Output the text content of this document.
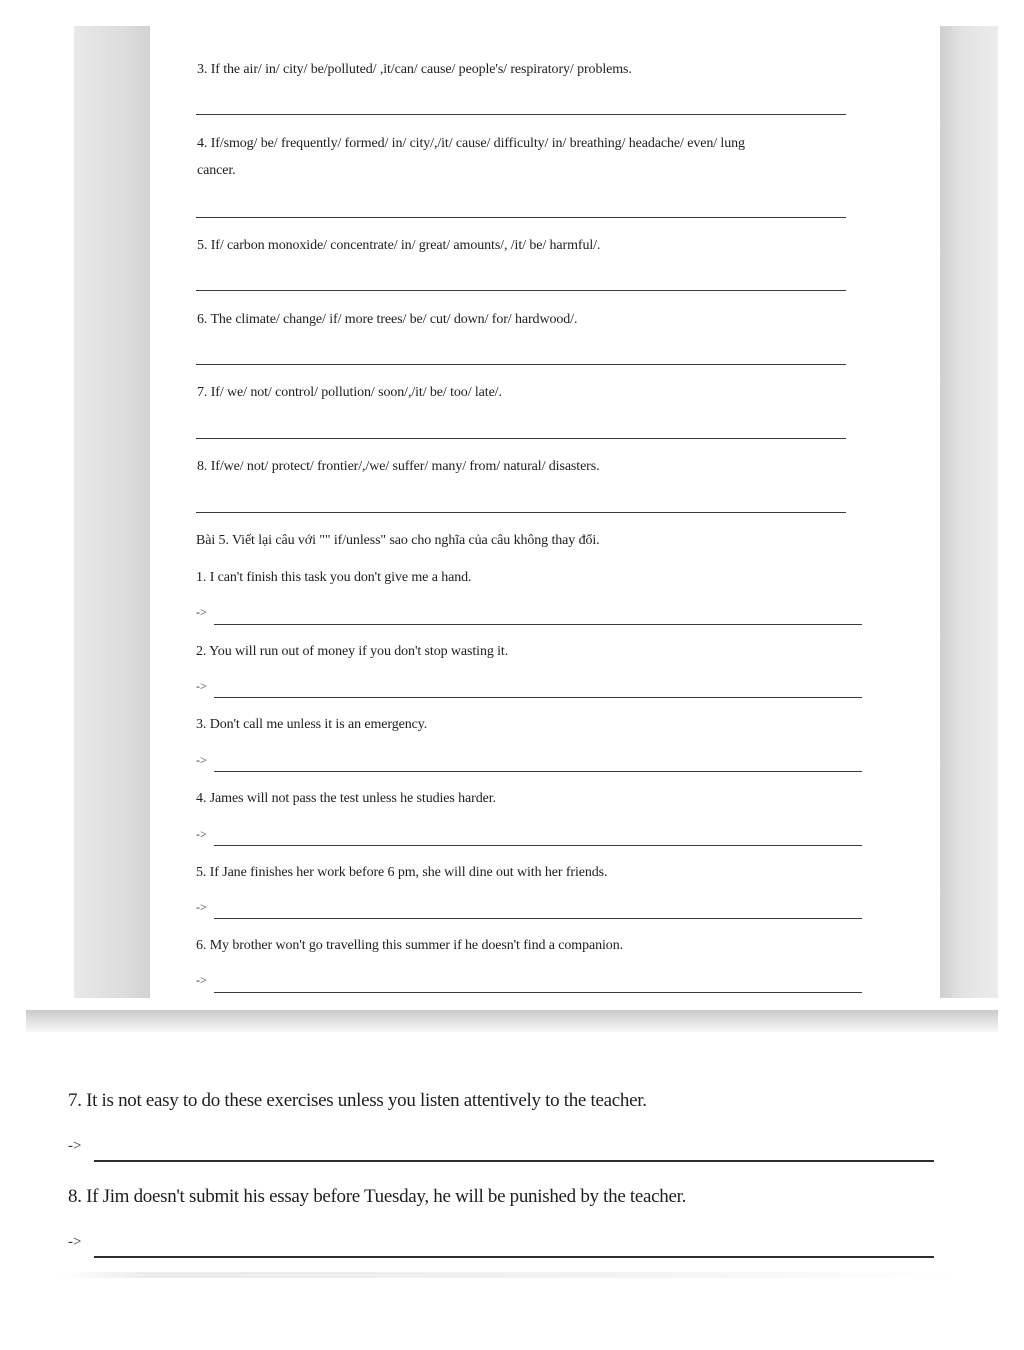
3. If the air/ in/ city/ be/polluted/ ,it/can/ cause/ people's/ respiratory/ problems.
4. If/smog/ be/ frequently/ formed/ in/ city/,/it/ cause/ difficulty/ in/ breathing/ headache/ even/ lung
cancer.
5. If/ carbon monoxide/ concentrate/ in/ great/ amounts/, /it/ be/ harmful/.
6. The climate/ change/ if/ more trees/ be/ cut/ down/ for/ hardwood/.
7. If/ we/ not/ control/ pollution/ soon/,/it/ be/ too/ late/.
8. If/we/ not/ protect/ frontier/,/we/ suffer/ many/ from/ natural/ disasters.
Bài 5. Viết lại câu với "" if/unless" sao cho nghĩa của câu không thay đổi.
1. I can't finish this task you don't give me a hand.
->
2. You will run out of money if you don't stop wasting it.
->
3. Don't call me unless it is an emergency.
->
4. James will not pass the test unless he studies harder.
->
5. If Jane finishes her work before 6 pm, she will dine out with her friends.
->
6. My brother won't go travelling this summer if he doesn't find a companion.
->
7. It is not easy to do these exercises unless you listen attentively to the teacher.
->
8. If Jim doesn't submit his essay before Tuesday, he will be punished by the teacher.
->
